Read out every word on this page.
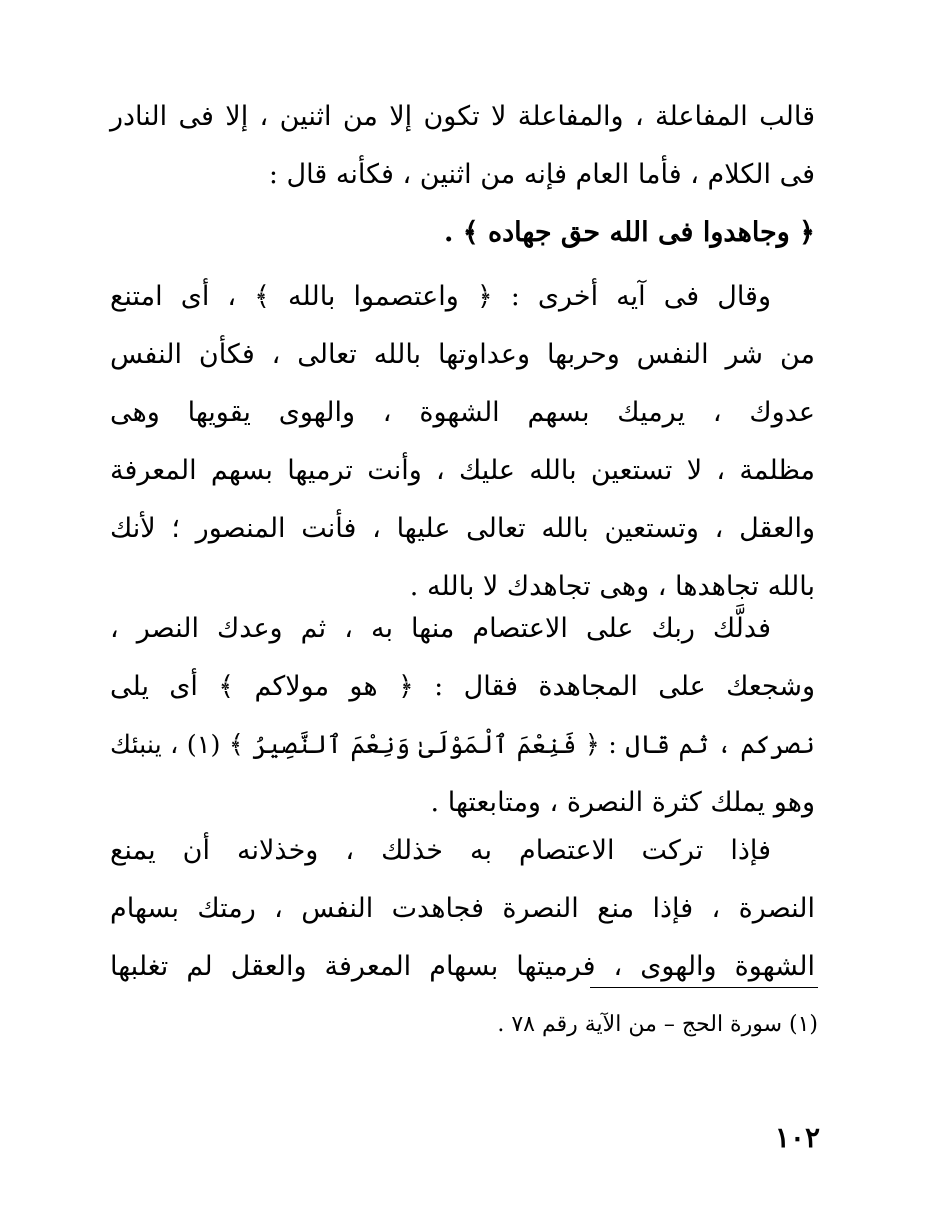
قالب المفاعلة ، والمفاعلة لا تكون إلا من اثنين ، إلا فى النادر
فى الكلام ، فأما العام فإنه من اثنين ، فكأنه قال :
﴿ وجاهدوا فى الله حق جهاده ﴾ .
وقال فى آيه أخرى : ﴿ واعتصموا بالله ﴾ ، أى امتنع
من شر النفس وحربها وعداوتها بالله تعالى ، فكأن النفس
عدوك ، يرميك بسهم الشهوة ، والهوى يقويها وهى
مظلمة ، لا تستعين بالله عليك ، وأنت ترميها بسهم المعرفة
والعقل ، وتستعين بالله تعالى عليها ، فأنت المنصور ؛ لأنك
بالله تجاهدها ، وهى تجاهدك لا بالله .
فدلَّك ربك على الاعتصام منها به ، ثم وعدك النصر ،
وشجعك على المجاهدة فقال : ﴿ هو مولاكم ﴾ أى يلى
نصركم ، ثم قال : ﴿ فَنِعْمَ ٱلْمَوْلَىٰ وَنِعْمَ ٱلنَّصِيرُ ﴾ (١) ، ينبئك
وهو يملك كثرة النصرة ، ومتابعتها .
فإذا تركت الاعتصام به خذلك ، وخذلانه أن يمنع
النصرة ، فإذا منع النصرة فجاهدت النفس ، رمتك بسهام
الشهوة والهوى ، فرميتها بسهام المعرفة والعقل لم تغلبها
(١) سورة الحج – من الآية رقم ٧٨ .
١٠٢
